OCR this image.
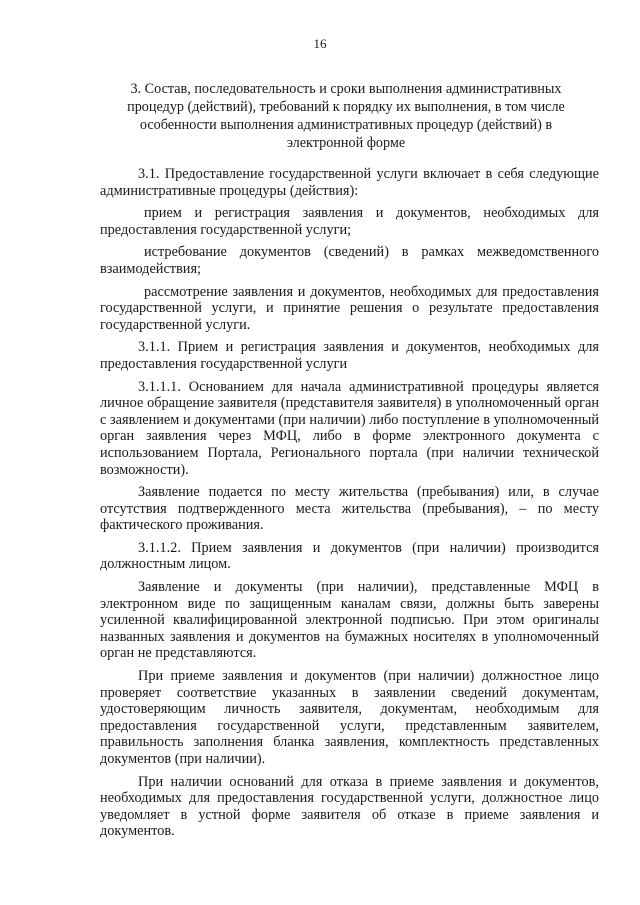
16
3. Состав, последовательность и сроки выполнения административных процедур (действий), требований к порядку их выполнения, в том числе особенности выполнения административных процедур (действий) в электронной форме

3.1. Предоставление государственной услуги включает в себя следующие административные процедуры (действия):

прием и регистрация заявления и документов, необходимых для предоставления государственной услуги;

истребование документов (сведений) в рамках межведомственного взаимодействия;

рассмотрение заявления и документов, необходимых для предоставления государственной услуги, и принятие решения о результате предоставления государственной услуги.

3.1.1. Прием и регистрация заявления и документов, необходимых для предоставления государственной услуги

3.1.1.1. Основанием для начала административной процедуры является личное обращение заявителя (представителя заявителя) в уполномоченный орган с заявлением и документами (при наличии) либо поступление в уполномоченный орган заявления через МФЦ, либо в форме электронного документа с использованием Портала, Регионального портала (при наличии технической возможности).

Заявление подается по месту жительства (пребывания) или, в случае отсутствия подтвержденного места жительства (пребывания), – по месту фактического проживания.

3.1.1.2. Прием заявления и документов (при наличии) производится должностным лицом.

Заявление и документы (при наличии), представленные МФЦ в электронном виде по защищенным каналам связи, должны быть заверены усиленной квалифицированной электронной подписью. При этом оригиналы названных заявления и документов на бумажных носителях в уполномоченный орган не представляются.

При приеме заявления и документов (при наличии) должностное лицо проверяет соответствие указанных в заявлении сведений документам, удостоверяющим личность заявителя, документам, необходимым для предоставления государственной услуги, представленным заявителем, правильность заполнения бланка заявления, комплектность представленных документов (при наличии).

При наличии оснований для отказа в приеме заявления и документов, необходимых для предоставления государственной услуги, должностное лицо уведомляет в устной форме заявителя об отказе в приеме заявления и документов.
